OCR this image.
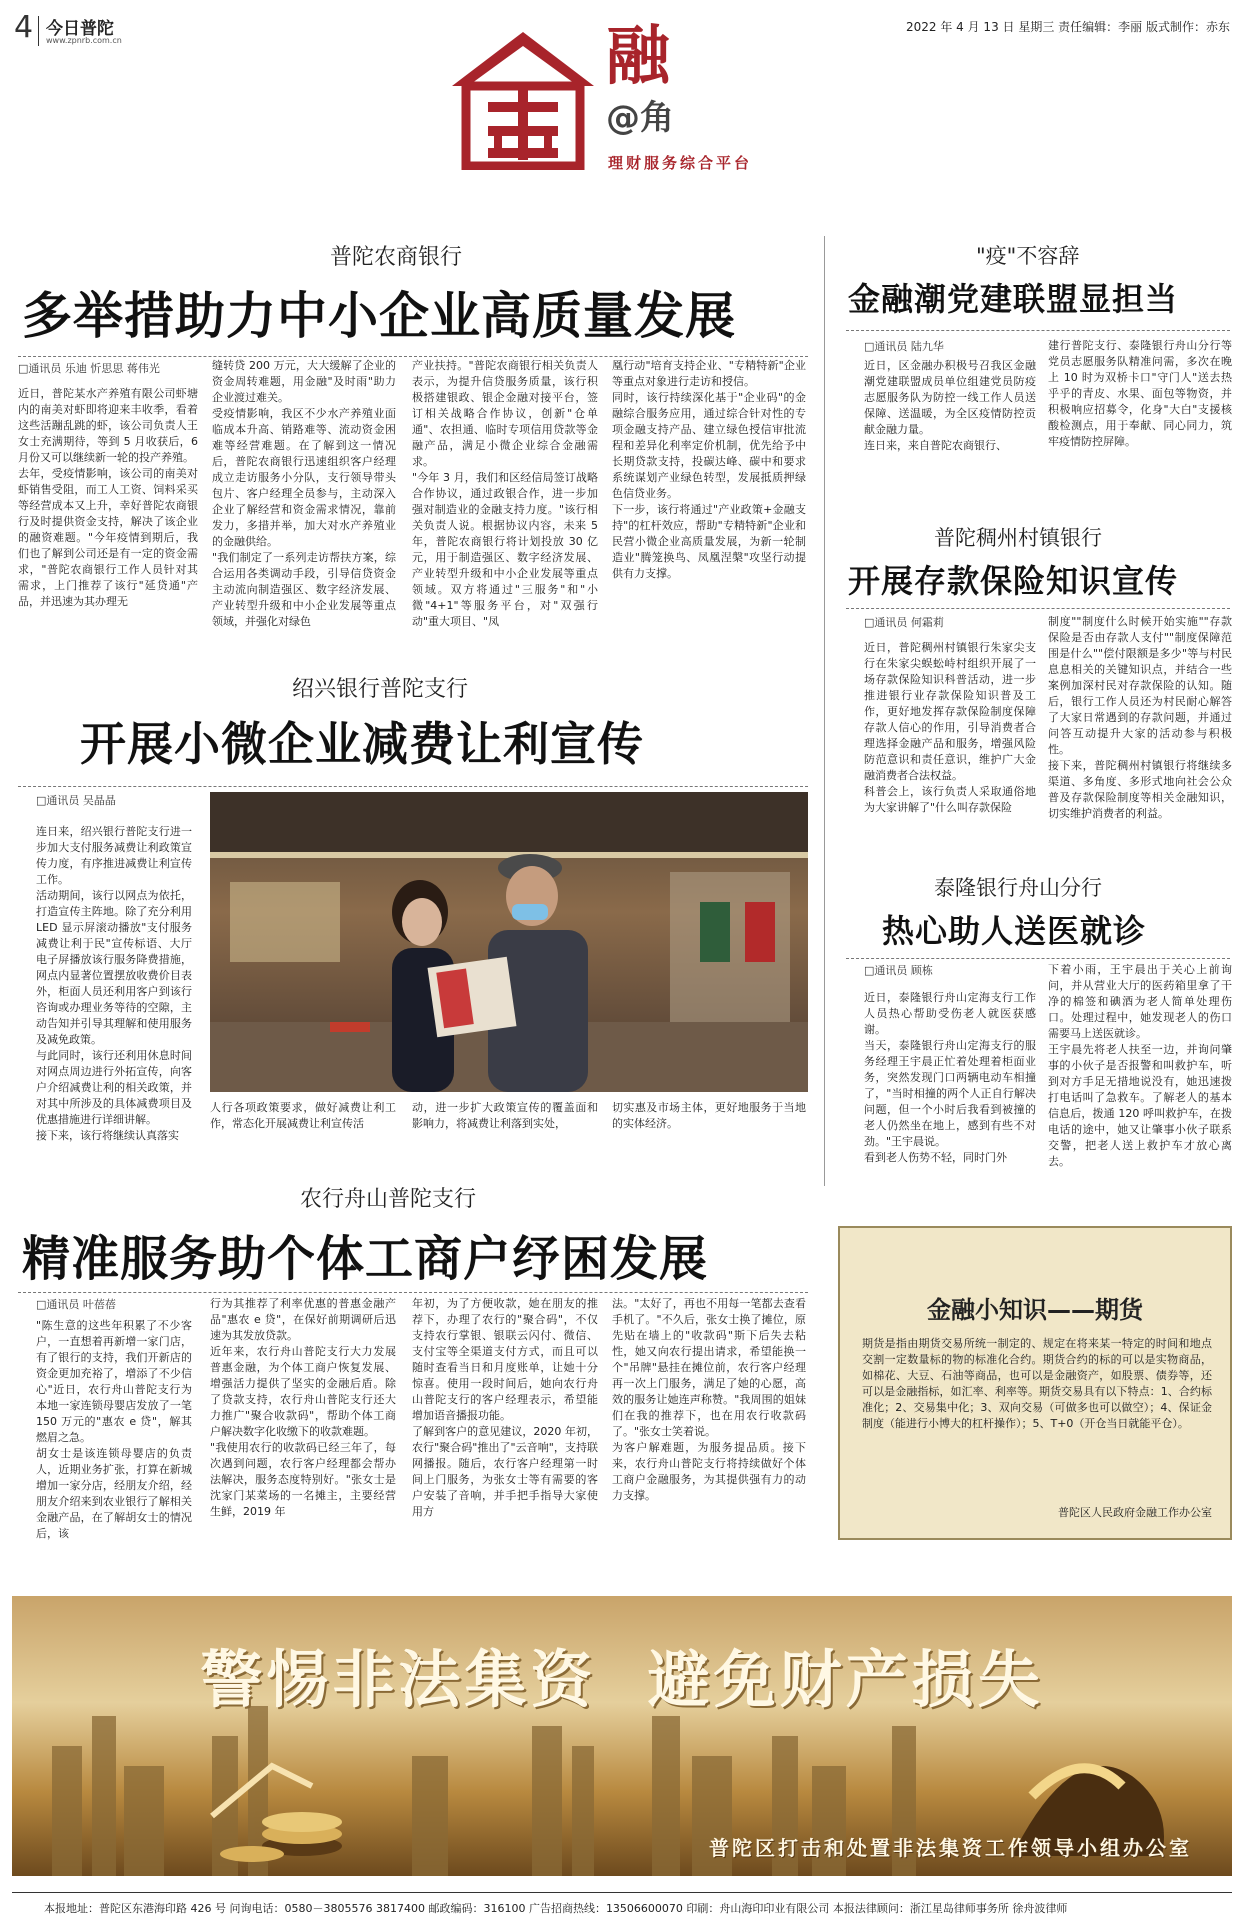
4 今日普陀
www.zpnrb.com.cn
2022 年 4 月 13 日 星期三 责任编辑：李丽 版式制作：赤东
融
@角
理财服务综合平台
普陀农商银行
多举措助力中小企业高质量发展
□通讯员 乐迪 忻思思 蒋伟光
近日，普陀某水产养殖有限公司虾塘内的南美对虾即将迎来丰收季，看着这些活蹦乱跳的虾，该公司负责人王女士充满期待，等到 5 月收获后，6 月份又可以继续新一轮的投产养殖。
去年，受疫情影响，该公司的南美对虾销售受阻，而工人工资、饲料采买等经营成本又上升，幸好普陀农商银行及时提供资金支持，解决了该企业的融资难题。"今年疫情到期后，我们也了解到公司还是有一定的资金需求，"普陀农商银行工作人员针对其需求，上门推荐了该行"延贷通"产品，并迅速为其办理无
缝转贷 200 万元，大大缓解了企业的资金周转难题，用金融"及时雨"助力企业渡过难关。
受疫情影响，我区不少水产养殖业面临成本升高、销路难等、流动资金困难等经营难题。在了解到这一情况后，普陀农商银行迅速组织客户经理成立走访服务小分队，支行领导带头包片、客户经理全员参与，主动深入企业了解经营和资金需求情况，靠前发力，多措并举，加大对水产养殖业的金融供给。
"我们制定了一系列走访帮扶方案，综合运用各类调动手段，引导信贷资金主动流向制造强区、数字经济发展、产业转型升级和中小企业发展等重点领域，并强化对绿色
产业扶持。"普陀农商银行相关负责人表示，为提升信贷服务质量，该行积极搭建银政、银企金融对接平台，签订相关战略合作协议，创新"仓单通"、农担通、临时专项信用贷款等金融产品，满足小微企业综合金融需求。
"今年 3 月，我们和区经信局签订战略合作协议，通过政银合作，进一步加强对制造业的金融支持力度。"该行相关负责人说。根据协议内容，未来 5 年，普陀农商银行将计划投放 30 亿元，用于制造强区、数字经济发展、产业转型升级和中小企业发展等重点领域。双方将通过"三服务"和"小微"4+1"等服务平台，对"双强行动"重大项目、"凤
凰行动"培育支持企业、"专精特新"企业等重点对象进行走访和授信。
同时，该行持续深化基于"企业码"的金融综合服务应用，通过综合针对性的专项金融支持产品、建立绿色授信审批流程和差异化利率定价机制，优先给予中长期贷款支持，投碳达峰、碳中和要求系统谋划产业绿色转型，发展抵质押绿色信贷业务。
下一步，该行将通过"产业政策+金融支持"的杠杆效应，帮助"专精特新"企业和民营小微企业高质量发展，为新一轮制造业"腾笼换鸟、凤凰涅槃"攻坚行动提供有力支撑。
"疫"不容辞
金融潮党建联盟显担当
□通讯员 陆九华
近日，区金融办积极号召我区金融潮党建联盟成员单位组建党员防疫志愿服务队为防控一线工作人员送保障、送温暖，为全区疫情防控贡献金融力量。
连日来，来自普陀农商银行、
建行普陀支行、泰隆银行舟山分行等党员志愿服务队精准问需，多次在晚上 10 时为双桥卡口"守门人"送去热乎乎的青皮、水果、面包等物资，并积极响应招募令，化身"大白"支援核酸检测点，用于奉献、同心同力，筑牢疫情防控屏障。
普陀稠州村镇银行
开展存款保险知识宣传
□通讯员 何霜莉
近日，普陀稠州村镇银行朱家尖支行在朱家尖蜈蚣峙村组织开展了一场存款保险知识科普活动，进一步推进银行业存款保险知识普及工作，更好地发挥存款保险制度保障存款人信心的作用，引导消费者合理选择金融产品和服务，增强风险防范意识和责任意识，维护广大金融消费者合法权益。
科普会上，该行负责人采取通俗地为大家讲解了"什么叫存款保险
制度""制度什么时候开始实施""存款保险是否由存款人支付""制度保障范围是什么""偿付限额是多少"等与村民息息相关的关键知识点，并结合一些案例加深村民对存款保险的认知。随后，银行工作人员还为村民耐心解答了大家日常遇到的存款问题，并通过问答互动提升大家的活动参与积极性。
接下来，普陀稠州村镇银行将继续多渠道、多角度、多形式地向社会公众普及存款保险制度等相关金融知识，切实维护消费者的利益。
绍兴银行普陀支行
开展小微企业减费让利宣传
□通讯员 吴晶晶
连日来，绍兴银行普陀支行进一步加大支付服务减费让利政策宣传力度，有序推进减费让利宣传工作。
活动期间，该行以网点为依托，打造宣传主阵地。除了充分利用 LED 显示屏滚动播放"支付服务减费让利于民"宣传标语、大厅电子屏播放该行服务降费措施，网点内显著位置摆放收费价目表外，柜面人员还利用客户到该行咨询或办理业务等待的空隙，主动告知并引导其理解和使用服务及减免政策。
与此同时，该行还利用休息时间对网点周边进行外拓宣传，向客户介绍减费让利的相关政策，并对其中所涉及的具体减费项目及优惠措施进行详细讲解。
接下来，该行将继续认真落实
人行各项政策要求，做好减费让利工作，常态化开展减费让利宣传活
动，进一步扩大政策宣传的覆盖面和影响力，将减费让利落到实处，
切实惠及市场主体，更好地服务于当地的实体经济。
泰隆银行舟山分行
热心助人送医就诊
□通讯员 顾栋
近日，泰隆银行舟山定海支行工作人员热心帮助受伤老人就医获感谢。
当天，泰隆银行舟山定海支行的服务经理王宇晨正忙着处理着柜面业务，突然发现门口两辆电动车相撞了，"当时相撞的两个人正自行解决问题，但一个小时后我看到被撞的老人仍然坐在地上，感到有些不对劲。"王宇晨说。
看到老人伤势不轻，同时门外
下着小雨，王宇晨出于关心上前询问，并从营业大厅的医药箱里拿了干净的棉签和碘酒为老人简单处理伤口。处理过程中，她发现老人的伤口需要马上送医就诊。
王宇晨先将老人扶至一边，并询问肇事的小伙子是否报警和叫救护车，听到对方手足无措地说没有，她迅速拨打电话叫了急救车。了解老人的基本信息后，拨通 120 呼叫救护车，在拨电话的途中，她又让肇事小伙子联系交警，把老人送上救护车才放心离去。
农行舟山普陀支行
精准服务助个体工商户纾困发展
□通讯员 叶蓓蓓
"陈生意的这些年积累了不少客户，一直想着再新增一家门店，有了银行的支持，我们开新店的资金更加充裕了，增添了不少信心"近日，农行舟山普陀支行为本地一家连锁母婴店发放了一笔 150 万元的"惠农 e 贷"，解其燃眉之急。
胡女士是该连锁母婴店的负责人，近期业务扩张，打算在新城增加一家分店，经朋友介绍，经朋友介绍来到农业银行了解相关金融产品，在了解胡女士的情况后，该
行为其推荐了利率优惠的普惠金融产品"惠农 e 贷"，在保好前期调研后迅速为其发放贷款。
近年来，农行舟山普陀支行大力发展普惠金融，为个体工商户恢复发展、增强活力提供了坚实的金融后盾。除了贷款支持，农行舟山普陀支行还大力推广"聚合收款码"，帮助个体工商户解决数字化收缴下的收款难题。
"我使用农行的收款码已经三年了，每次遇到问题，农行客户经理都会帮办法解决，服务态度特别好。"张女士是沈家门某菜场的一名摊主，主要经营生鲜，2019 年
年初，为了方便收款，她在朋友的推荐下，办理了农行的"聚合码"，不仅支持农行掌银、银联云闪付、微信、支付宝等全渠道支付方式，而且可以随时查看当日和月度账单，让她十分惊喜。使用一段时间后，她向农行舟山普陀支行的客户经理表示，希望能增加语音播报功能。
了解到客户的意见建议，2020 年初，农行"聚合码"推出了"云音响"，支持联网播报。随后，农行客户经理第一时间上门服务，为张女士等有需要的客户安装了音响，并手把手指导大家使用方
法。"太好了，再也不用每一笔都去查看手机了。"不久后，张女士换了摊位，原先贴在墙上的"收款码"斯下后失去粘性，她又向农行提出请求，希望能换一个"吊牌"悬挂在摊位前，农行客户经理再一次上门服务，满足了她的心愿，高效的服务让她连声称赞。"我周围的姐妹们在我的推荐下，也在用农行收款码了。"张女士笑着说。
为客户解难题，为服务提品质。接下来，农行舟山普陀支行将持续做好个体工商户金融服务，为其提供强有力的动力支撑。
金融小知识——期货
期货是指由期货交易所统一制定的、规定在将来某一特定的时间和地点交割一定数量标的物的标准化合约。期货合约的标的可以是实物商品，如棉花、大豆、石油等商品，也可以是金融资产，如股票、债券等，还可以是金融指标，如汇率、利率等。期货交易具有以下特点：1、合约标准化；2、交易集中化；3、双向交易（可做多也可以做空）；4、保证金制度（能进行小博大的杠杆操作）；5、T+0（开仓当日就能平仓）。
普陀区人民政府金融工作办公室
警惕非法集资  避免财产损失
普陀区打击和处置非法集资工作领导小组办公室
本报地址：普陀区东港海印路 426 号 问询电话：0580－3805576 3817400 邮政编码：316100 广告招商热线：13506600070 印刷：舟山海印印业有限公司 本报法律顾问：浙江星岛律师事务所 徐舟波律师
